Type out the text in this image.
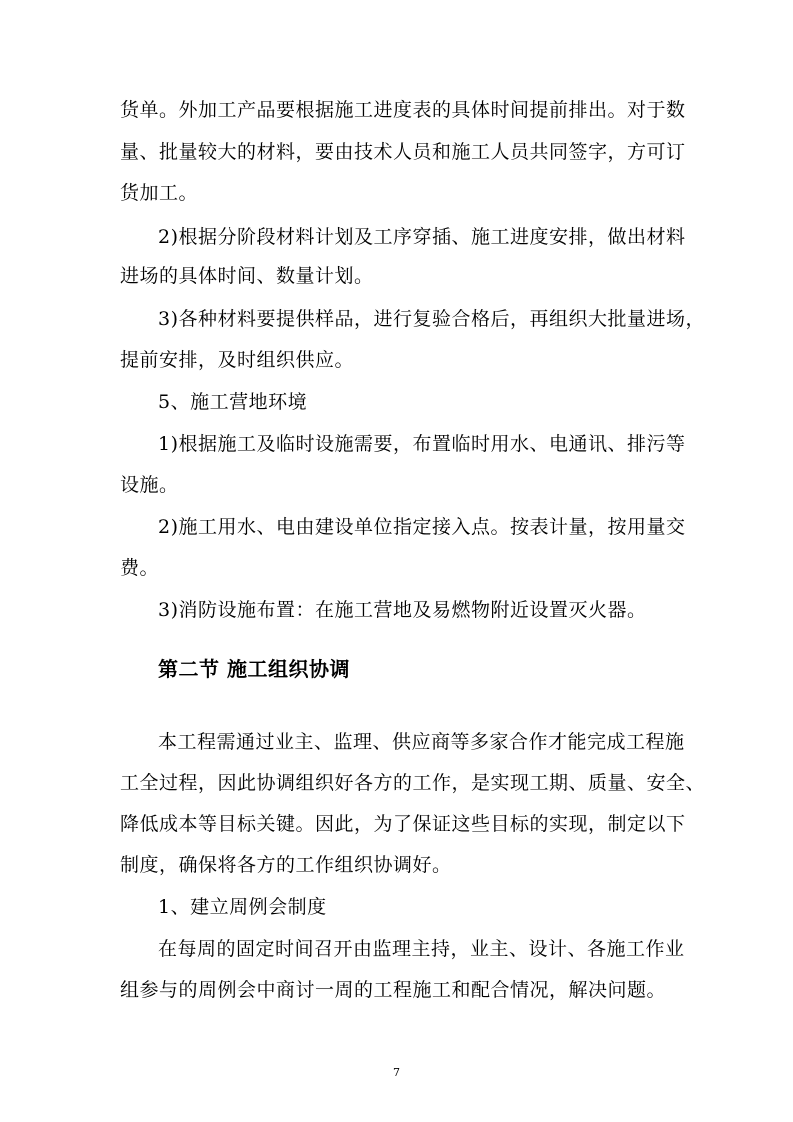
货单。外加工产品要根据施工进度表的具体时间提前排出。对于数
量、批量较大的材料，要由技术人员和施工人员共同签字，方可订
货加工。
2)根据分阶段材料计划及工序穿插、施工进度安排，做出材料
进场的具体时间、数量计划。
3)各种材料要提供样品，进行复验合格后，再组织大批量进场，
提前安排，及时组织供应。
5、施工营地环境
1)根据施工及临时设施需要，布置临时用水、电通讯、排污等
设施。
2)施工用水、电由建设单位指定接入点。按表计量，按用量交
费。
3)消防设施布置：在施工营地及易燃物附近设置灭火器。
第二节 施工组织协调
本工程需通过业主、监理、供应商等多家合作才能完成工程施
工全过程，因此协调组织好各方的工作，是实现工期、质量、安全、
降低成本等目标关键。因此，为了保证这些目标的实现，制定以下
制度，确保将各方的工作组织协调好。
1、建立周例会制度
在每周的固定时间召开由监理主持，业主、设计、各施工作业
组参与的周例会中商讨一周的工程施工和配合情况，解决问题。
7
